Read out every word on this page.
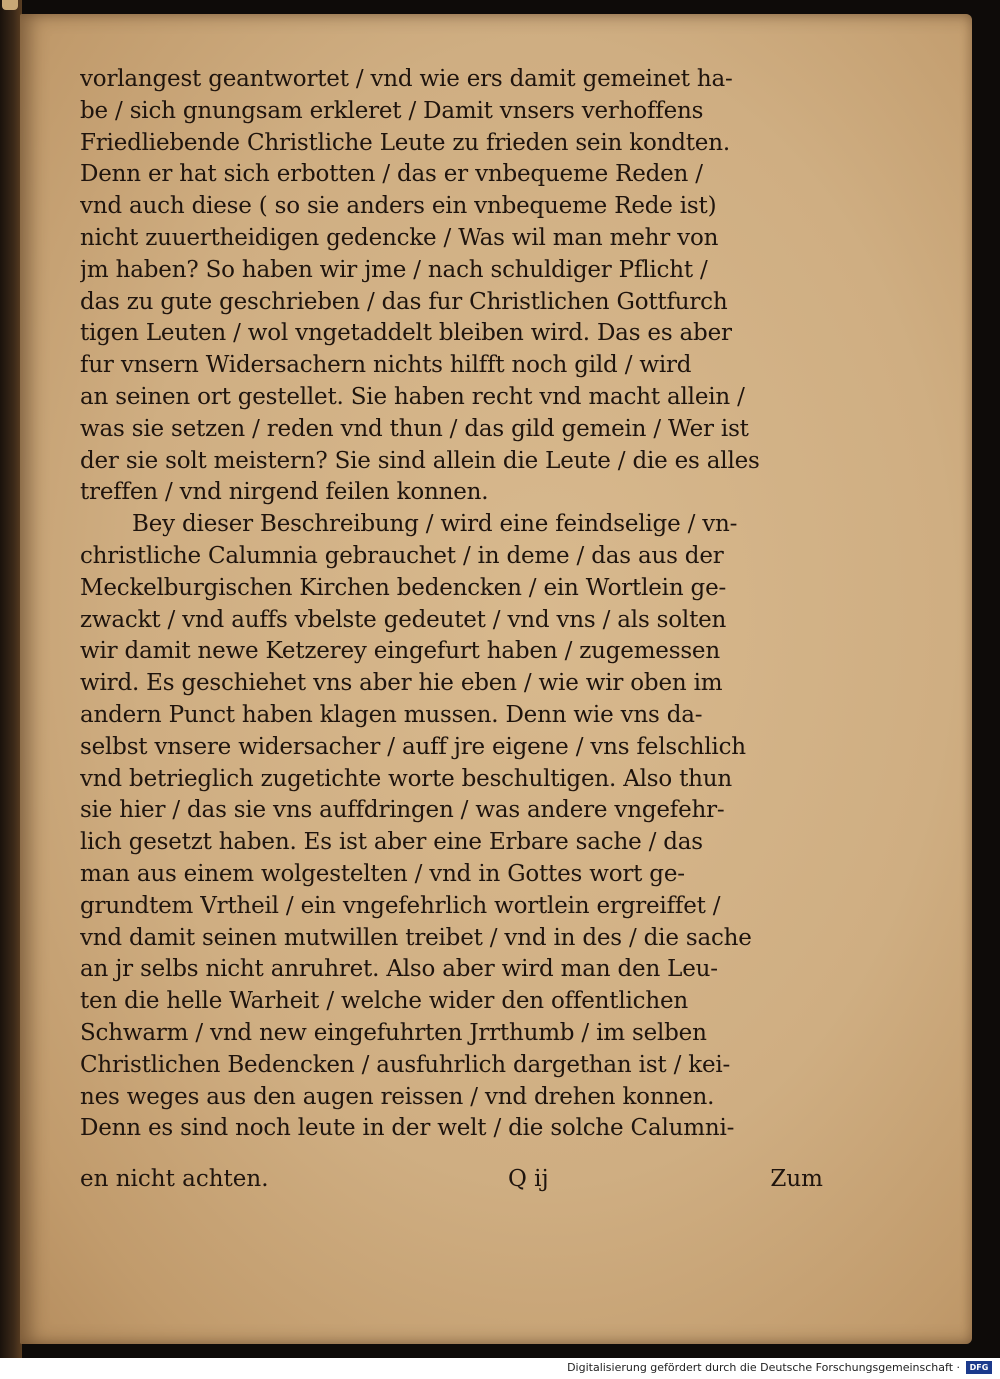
vorlangest geantwortet / vnd wie ers damit gemeinet ha-
be / sich gnungsam erkleret / Damit vnsers verhoffens
Friedliebende Christliche Leute zu frieden sein kondten.
Denn er hat sich erbotten / das er vnbequeme Reden /
vnd auch diese ( so sie anders ein vnbequeme Rede ist)
nicht zuuertheidigen gedencke / Was wil man mehr von
jm haben? So haben wir jme / nach schuldiger Pflicht /
das zu gute geschrieben / das fur Christlichen Gottfurch
tigen Leuten / wol vngetaddelt bleiben wird. Das es aber
fur vnsern Widersachern nichts hilfft noch gild / wird
an seinen ort gestellet. Sie haben recht vnd macht allein /
was sie setzen / reden vnd thun / das gild gemein / Wer ist
der sie solt meistern? Sie sind allein die Leute / die es alles
treffen / vnd nirgend feilen konnen.
Bey dieser Beschreibung / wird eine feindselige / vn-
christliche Calumnia gebrauchet / in deme / das aus der
Meckelburgischen Kirchen bedencken / ein Wortlein ge-
zwackt / vnd auffs vbelste gedeutet / vnd vns / als solten
wir damit newe Ketzerey eingefurt haben / zugemessen
wird. Es geschiehet vns aber hie eben / wie wir oben im
andern Punct haben klagen mussen. Denn wie vns da-
selbst vnsere widersacher / auff jre eigene / vns felschlich
vnd betrieglich zugetichte worte beschultigen. Also thun
sie hier / das sie vns auffdringen / was andere vngefehr-
lich gesetzt haben. Es ist aber eine Erbare sache / das
man aus einem wolgestelten / vnd in Gottes wort ge-
grundtem Vrtheil / ein vngefehrlich wortlein ergreiffet /
vnd damit seinen mutwillen treibet / vnd in des / die sache
an jr selbs nicht anruhret. Also aber wird man den Leu-
ten die helle Warheit / welche wider den offentlichen
Schwarm / vnd new eingefuhrten Jrrthumb / im selben
Christlichen Bedencken / ausfuhrlich dargethan ist / kei-
nes weges aus den augen reissen / vnd drehen konnen.
Denn es sind noch leute in der welt / die solche Calumni-
en nicht achten.	Q ij	Zum
Digitalisierung gefördert durch die Deutsche Forschungsgemeinschaft ·	DFG
